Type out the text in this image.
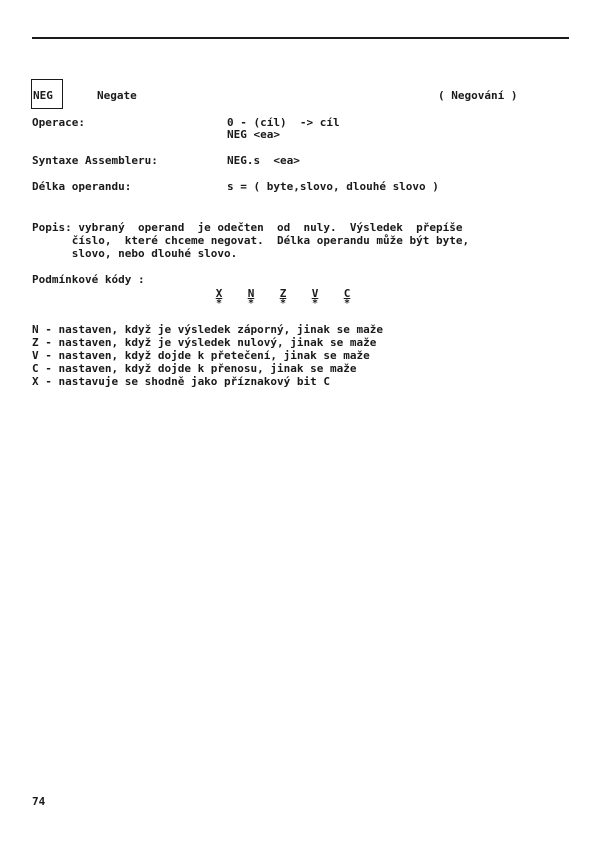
NEG	Negate	( Negování )
Operace:	0 - (cíl)  -> cíl
NEG <ea>
Syntaxe Assembleru:	NEG.s  <ea>
Délka operandu:	s = ( byte,slovo, dlouhé slovo )
Popis: vybraný  operand  je odečten  od  nuly.  Výsledek  přepíše
číslo,  které chceme negovat.  Délka operandu může být byte,
slovo, nebo dlouhé slovo.
Podmínkové kódy :
X	N	Z	V	C
*	*	*	*	*
N - nastaven, když je výsledek záporný, jinak se maže
Z - nastaven, když je výsledek nulový, jinak se maže
V - nastaven, když dojde k přetečení, jinak se maže
C - nastaven, když dojde k přenosu, jinak se maže
X - nastavuje se shodně jako příznakový bit C
74
